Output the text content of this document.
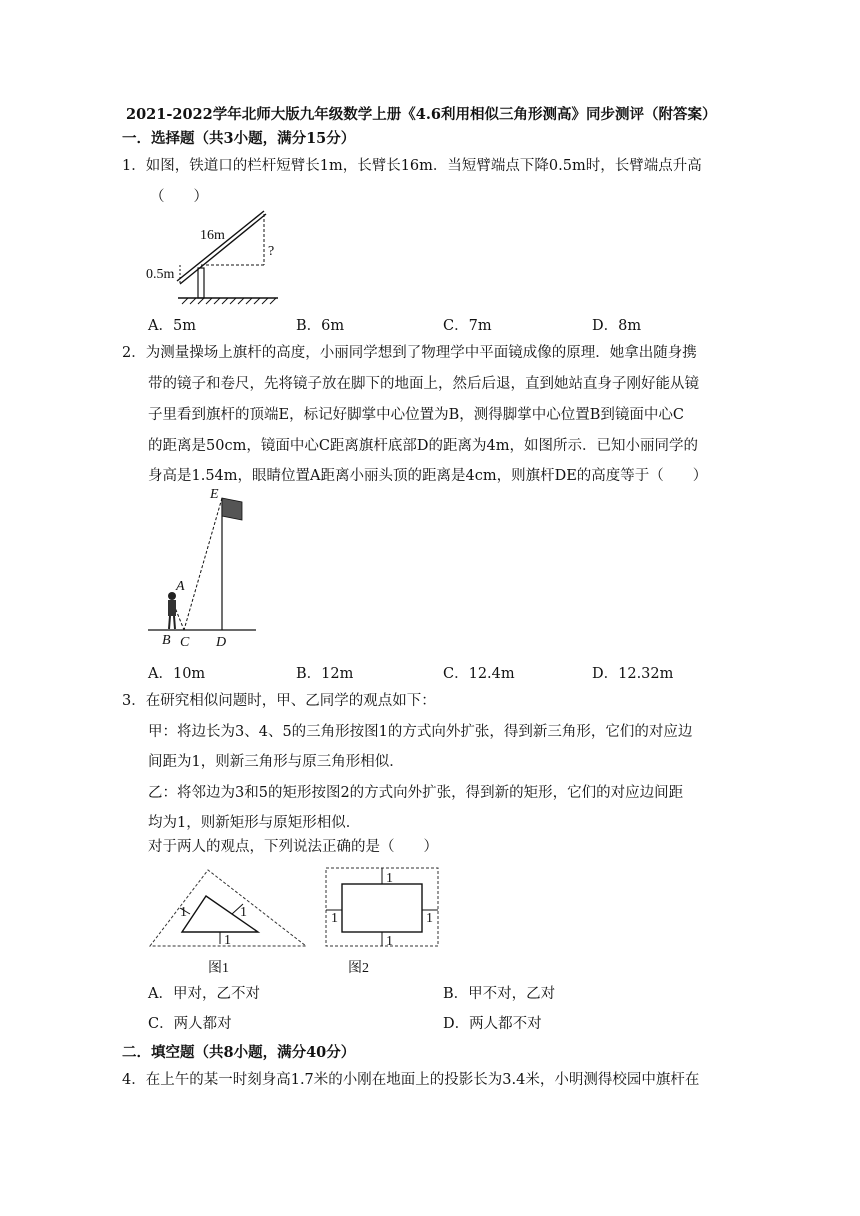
2021-2022学年北师大版九年级数学上册《4.6利用相似三角形测高》同步测评（附答案）
一．选择题（共3小题，满分15分）
1．如图，铁道口的栏杆短臂长1m，长臂长16m．当短臂端点下降0.5m时，长臂端点升高
（　　）
16m
?
0.5m
A．5m	B．6m	C．7m	D．8m
2．为测量操场上旗杆的高度，小丽同学想到了物理学中平面镜成像的原理．她拿出随身携
带的镜子和卷尺，先将镜子放在脚下的地面上，然后后退，直到她站直身子刚好能从镜
子里看到旗杆的顶端E，标记好脚掌中心位置为B，测得脚掌中心位置B到镜面中心C
的距离是50cm，镜面中心C距离旗杆底部D的距离为4m，如图所示．已知小丽同学的
身高是1.54m，眼睛位置A距离小丽头顶的距离是4cm，则旗杆DE的高度等于（　　）
E
A
B C D
A．10m	B．12m	C．12.4m	D．12.32m
3．在研究相似问题时，甲、乙同学的观点如下：
甲：将边长为3、4、5的三角形按图1的方式向外扩张，得到新三角形，它们的对应边
间距为1，则新三角形与原三角形相似．
乙：将邻边为3和5的矩形按图2的方式向外扩张，得到新的矩形，它们的对应边间距
均为1，则新矩形与原矩形相似．
对于两人的观点，下列说法正确的是（　　）
1	1
1
图1
1
1
1	1
图2
A．甲对，乙不对	B．甲不对，乙对
C．两人都对	D．两人都不对
二．填空题（共8小题，满分40分）
4．在上午的某一时刻身高1.7米的小刚在地面上的投影长为3.4米，小明测得校园中旗杆在
